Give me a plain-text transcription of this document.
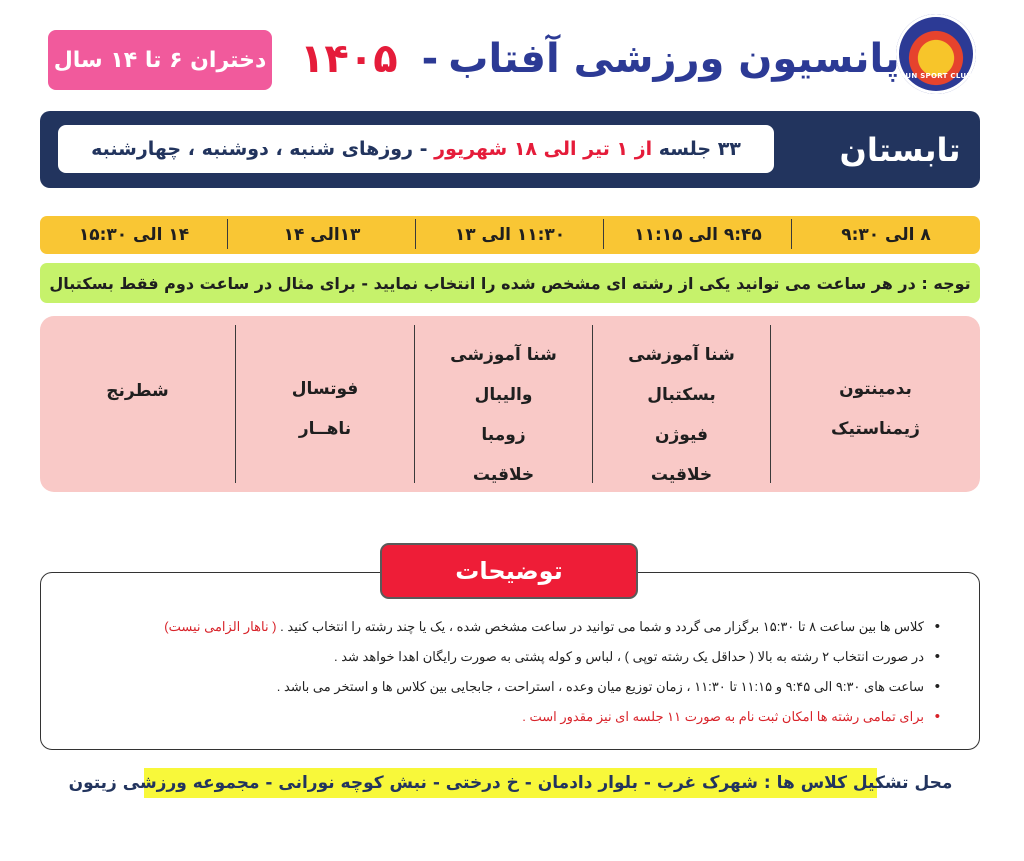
SUN SPORT CLUB
پانسیون ورزشی آفتاب
-
۱۴۰۵
دختران ۶ تا ۱۴ سال
تابستان
۳۳ جلسه

از ۱ تیر الی ۱۸ شهریور

- روزهای شنبه ، دوشنبه ، چهارشنبه
۸ الی ۹:۳۰
۹:۴۵ الی ۱۱:۱۵
۱۱:۳۰ الی ۱۳
۱۳الی ۱۴
۱۴ الی ۱۵:۳۰
توجه : در هر ساعت می توانید یکی از رشته ای مشخص شده را انتخاب نمایید - برای مثال در ساعت دوم فقط بسکتبال
بدمینتون
ژیمناستیک
شنا آموزشی
بسکتبال
فیوژن
خلاقیت
شنا آموزشی
والیبال
زومبا
خلاقیت
فوتسال
ناهــار
شطرنج
توضیحات
• کلاس ها بین ساعت ۸ تا ۱۵:۳۰ برگزار می گردد و شما می توانید در ساعت مشخص شده ، یک یا چند رشته را انتخاب کنید . ( ناهار الزامی نیست)
• در صورت انتخاب ۲ رشته به بالا ( حداقل یک رشته توپی ) ، لباس و کوله پشتی به صورت رایگان اهدا خواهد شد .
• ساعت های ۹:۳۰ الی ۹:۴۵ و ۱۱:۱۵ تا ۱۱:۳۰ ، زمان توزیع میان وعده ، استراحت ، جابجایی بین کلاس ها و استخر می باشد .
• برای تمامی رشته ها امکان ثبت نام به صورت ۱۱ جلسه ای نیز مقدور است .
محل تشکیل کلاس ها : شهرک غرب - بلوار دادمان - خ درختی - نبش کوچه نورانی - مجموعه ورزشی زیتون
